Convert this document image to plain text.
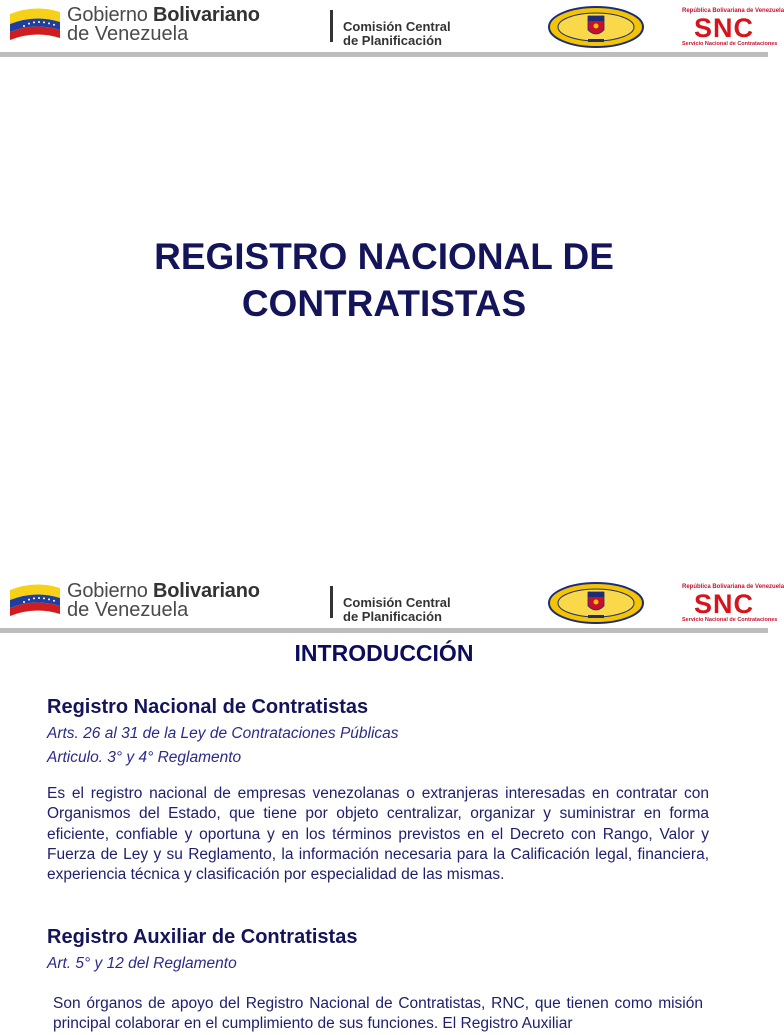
Gobierno Bolivariano
de Venezuela	Comisión Central
de Planificación
República Bolivariana de Venezuela
SNC
Servicio Nacional de Contrataciones
REGISTRO NACIONAL DE CONTRATISTAS
Gobierno Bolivariano
de Venezuela	Comisión Central
de Planificación
República Bolivariana de Venezuela
SNC
Servicio Nacional de Contrataciones
INTRODUCCIÓN
Registro Nacional de Contratistas
Arts. 26 al 31 de la Ley de Contrataciones Públicas
Articulo. 3° y 4° Reglamento
Es el registro nacional de empresas venezolanas o extranjeras interesadas en contratar con Organismos del Estado, que tiene por objeto centralizar, organizar y suministrar en forma eficiente, confiable y oportuna y en los términos previstos en el Decreto con Rango, Valor y Fuerza de Ley y su Reglamento, la información necesaria para la Calificación legal, financiera, experiencia técnica y clasificación por especialidad de las mismas.
Registro Auxiliar de Contratistas
Art. 5° y 12 del Reglamento
Son órganos de apoyo del Registro Nacional de Contratistas, RNC, que tienen como misión principal colaborar en el cumplimiento de sus funciones. El Registro Auxiliar
